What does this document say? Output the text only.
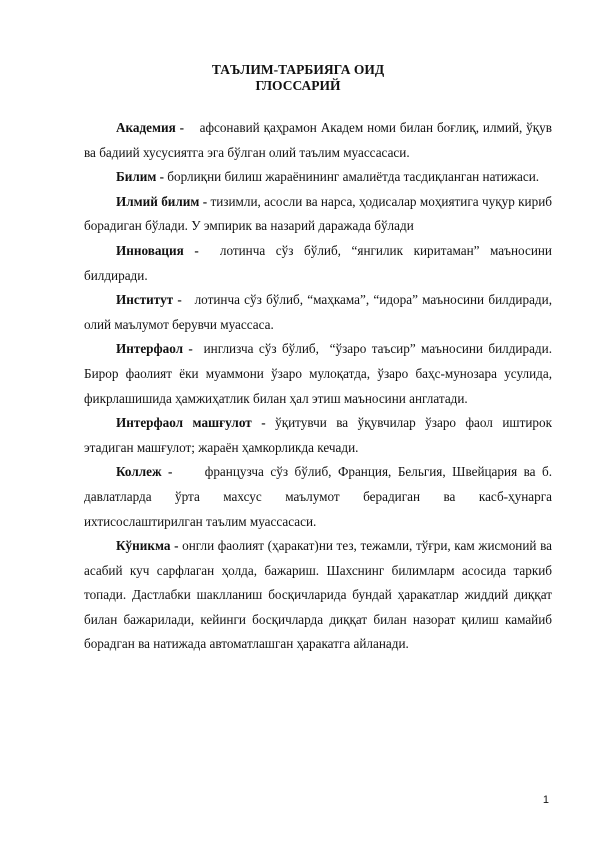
ТАЪЛИМ-ТАРБИЯГА ОИД
ГЛОССАРИЙ

Академия -    афсонавий қаҳрамон Академ номи билан боғлиқ, илмий, ўқув ва бадиий хусусиятга эга бўлган олий таълим муассасаси.

Билим - борлиқни билиш жараёнининг амалиётда тасдиқланган натижаси.

Илмий билим - тизимли, асосли ва нарса, ҳодисалар моҳиятига чуқур кириб борадиган бўлади. У эмпирик ва назарий даражада бўлади

Инновация -  лотинча сўз бўлиб, “янгилик киритаман” маъносини билдиради.

Институт -   лотинча сўз бўлиб, “маҳкама”, “идора” маъносини билдиради,  олий маълумот берувчи муассаса.

Интерфаол -  инглизча сўз бўлиб,  “ўзаро таъсир” маъносини билдиради. Бирор фаолият ёки муаммони ўзаро мулоқатда, ўзаро баҳс-мунозара усулида, фикрлашишида ҳамжиҳатлик билан ҳал этиш маъносини англатади.

Интерфаол машғулот - ўқитувчи ва ўқувчилар ўзаро фаол иштирок этадиган машғулот; жараён ҳамкорликда кечади.

Коллеж -     французча сўз бўлиб, Франция, Бельгия, Швейцария ва б. давлатларда ўрта махсус маълумот берадиган ва касб-ҳунарга ихтисослаштирилган таълим муассасаси.

Кўникма - онгли фаолият (ҳаракат)ни тез, тежамли, тўғри, кам жисмоний ва асабий куч сарфлаган ҳолда, бажариш. Шахснинг билимларм асосида таркиб топади. Дастлабки шаклланиш босқичларида бундай ҳаракатлар жиддий диққат билан бажарилади, кейинги босқичларда диққат билан назорат қилиш камайиб борадган ва натижада автоматлашган ҳаракатга айланади.

1
